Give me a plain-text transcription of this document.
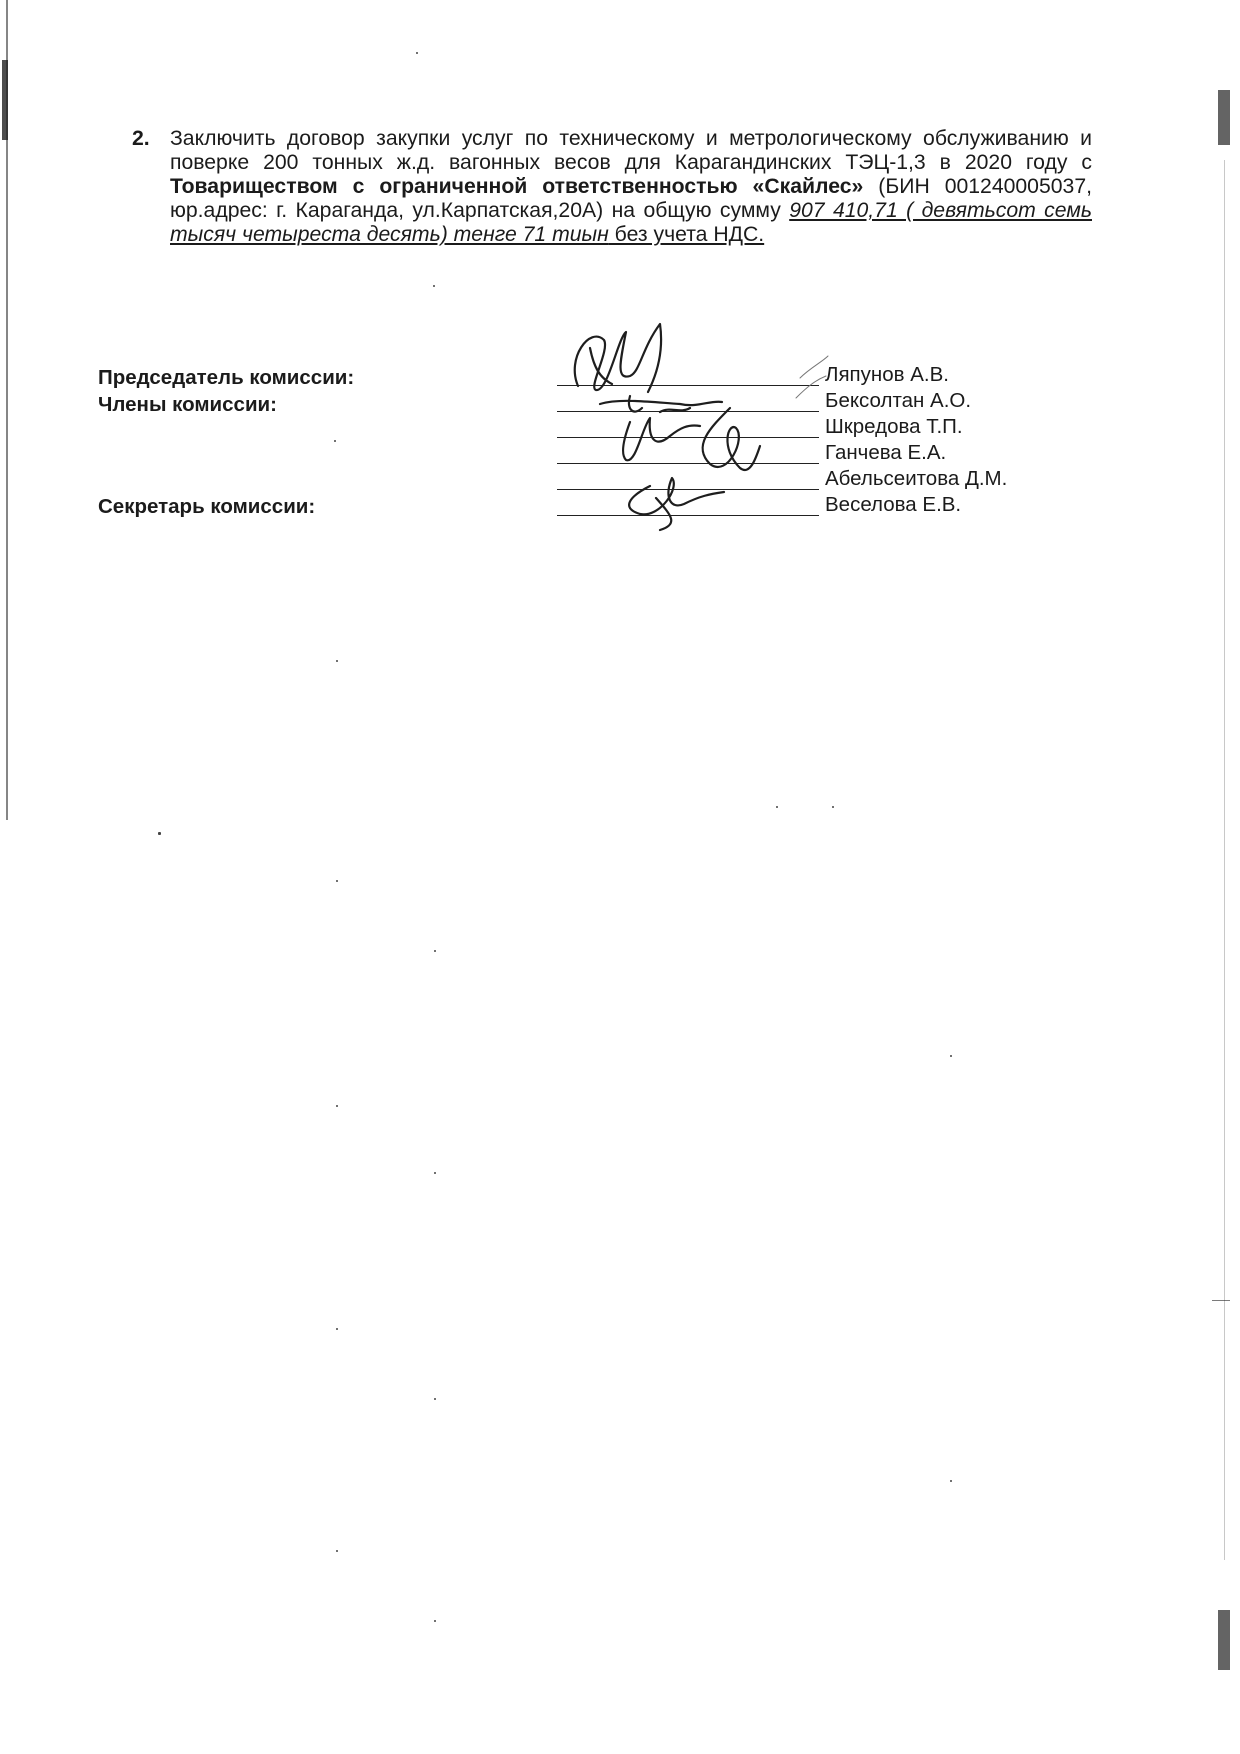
2. Заключить договор закупки услуг по техническому и метрологическому обслуживанию и поверке 200 тонных ж.д. вагонных весов для Карагандинских ТЭЦ-1,3 в 2020 году с Товариществом с ограниченной ответственностью «Скайлес» (БИН 001240005037, юр.адрес: г. Караганда, ул.Карпатская,20А) на общую сумму 907 410,71 ( девятьсот семь тысяч четыреста десять) тенге 71 тиын без учета НДС.
Председатель комиссии:
Члены комиссии:
Секретарь комиссии:
Ляпунов А.В.
Бексолтан А.О.
Шкредова Т.П.
Ганчева Е.А.
Абельсеитова Д.М.
Веселова Е.В.
